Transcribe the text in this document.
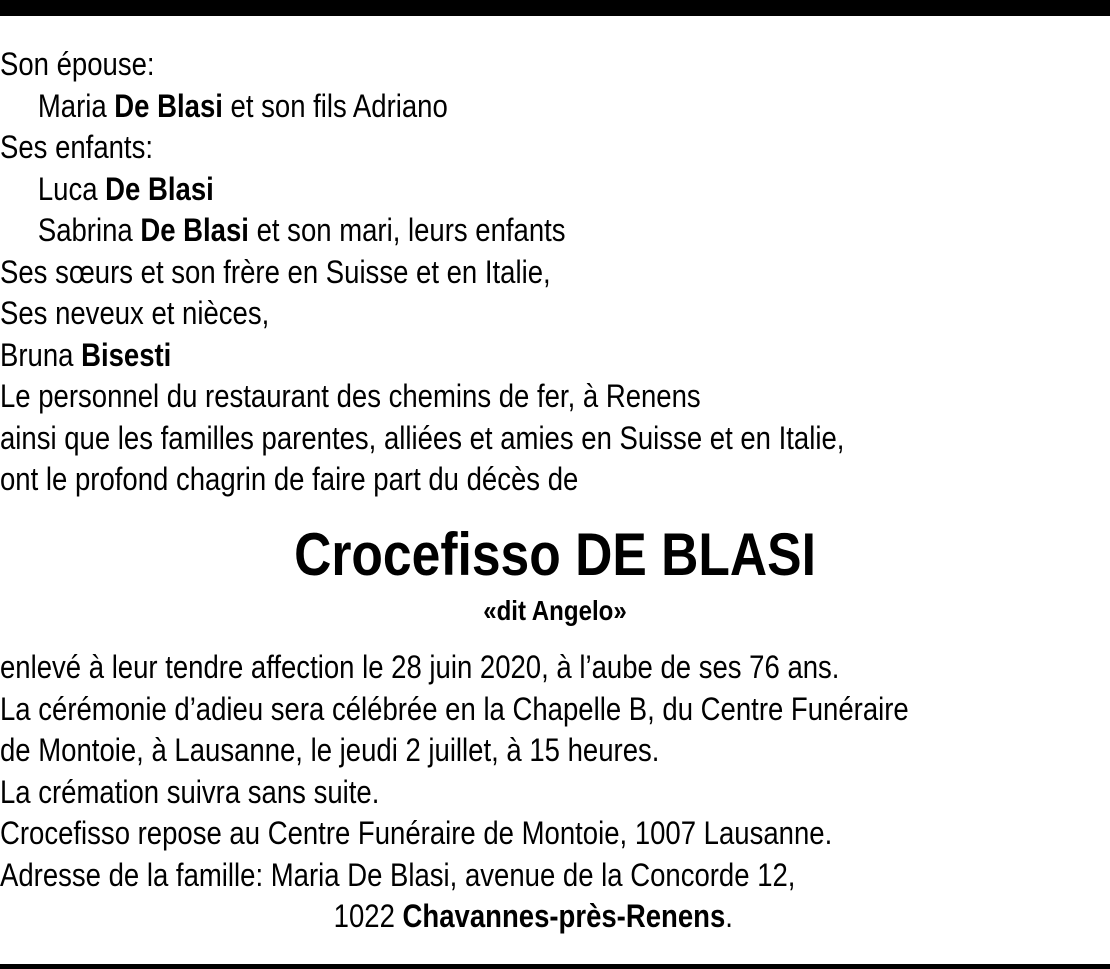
Son épouse:
Maria De Blasi et son fils Adriano
Ses enfants:
Luca De Blasi
Sabrina De Blasi et son mari, leurs enfants
Ses sœurs et son frère en Suisse et en Italie,
Ses neveux et nièces,
Bruna Bisesti
Le personnel du restaurant des chemins de fer, à Renens
ainsi que les familles parentes, alliées et amies en Suisse et en Italie,
ont le profond chagrin de faire part du décès de
Crocefisso DE BLASI
«dit Angelo»
enlevé à leur tendre affection le 28 juin 2020, à l’aube de ses 76 ans.
La cérémonie d’adieu sera célébrée en la Chapelle B, du Centre Funéraire
de Montoie, à Lausanne, le jeudi 2 juillet, à 15 heures.
La crémation suivra sans suite.
Crocefisso repose au Centre Funéraire de Montoie, 1007 Lausanne.
Adresse de la famille: Maria De Blasi, avenue de la Concorde 12,
1022 Chavannes-près-Renens.
